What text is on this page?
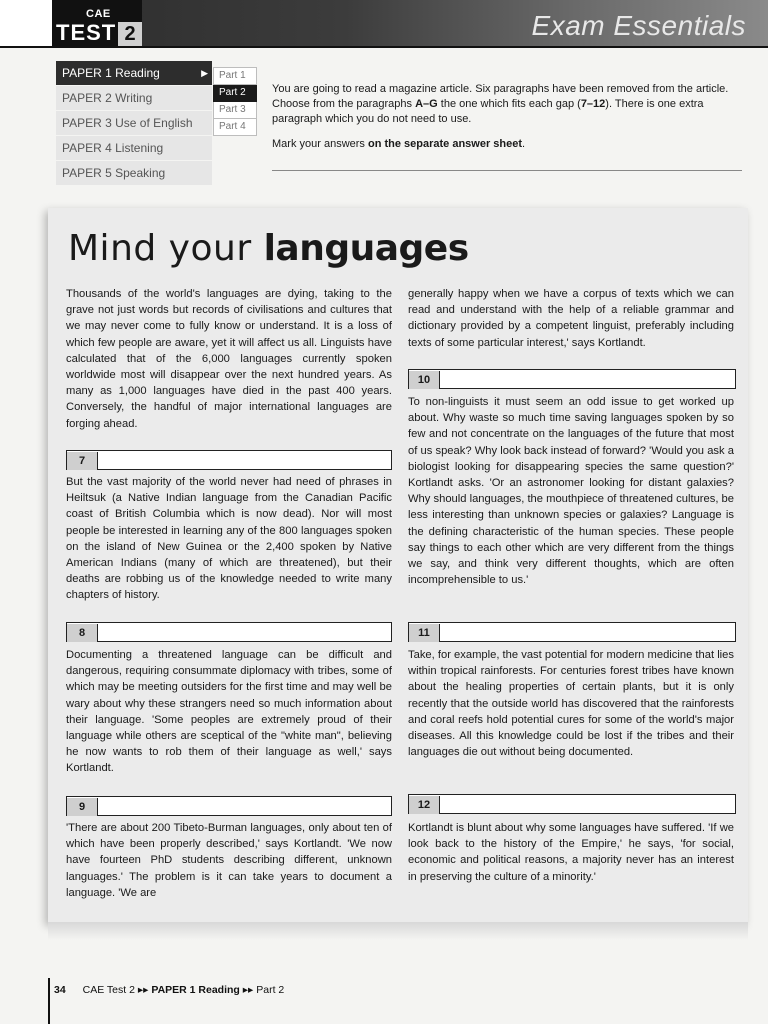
CAE
TEST 2	Exam Essentials
PAPER 1 Reading	▶
PAPER 2 Writing
PAPER 3 Use of English
PAPER 4 Listening
PAPER 5 Speaking
Part 1
Part 2
Part 3
Part 4

You are going to read a magazine article. Six paragraphs have been removed from the article. Choose from the paragraphs A–G the one which fits each gap (7–12). There is one extra paragraph which you do not need to use.

Mark your answers on the separate answer sheet.

Mind your languages

Thousands of the world's languages are dying, taking to the grave not just words but records of civilisations and cultures that we may never come to fully know or understand. It is a loss of which few people are aware, yet it will affect us all. Linguists have calculated that of the 6,000 languages currently spoken worldwide most will disappear over the next hundred years. As many as 1,000 languages have died in the past 400 years. Conversely, the handful of major international languages are forging ahead.

7

But the vast majority of the world never had need of phrases in Heiltsuk (a Native Indian language from the Canadian Pacific coast of British Columbia which is now dead). Nor will most people be interested in learning any of the 800 languages spoken on the island of New Guinea or the 2,400 spoken by Native American Indians (many of which are threatened), but their deaths are robbing us of the knowledge needed to write many chapters of history.

8

Documenting a threatened language can be difficult and dangerous, requiring consummate diplomacy with tribes, some of which may be meeting outsiders for the first time and may well be wary about why these strangers need so much information about their language. 'Some peoples are extremely proud of their language while others are sceptical of the "white man", believing he now wants to rob them of their language as well,' says Kortlandt.

9

'There are about 200 Tibeto-Burman languages, only about ten of which have been properly described,' says Kortlandt. 'We now have fourteen PhD students describing different, unknown languages.' The problem is it can take years to document a language. 'We are

generally happy when we have a corpus of texts which we can read and understand with the help of a reliable grammar and dictionary provided by a competent linguist, preferably including texts of some particular interest,' says Kortlandt.

10

To non-linguists it must seem an odd issue to get worked up about. Why waste so much time saving languages spoken by so few and not concentrate on the languages of the future that most of us speak? Why look back instead of forward? 'Would you ask a biologist looking for disappearing species the same question?' Kortlandt asks. 'Or an astronomer looking for distant galaxies? Why should languages, the mouthpiece of threatened cultures, be less interesting than unknown species or galaxies? Language is the defining characteristic of the human species. These people say things to each other which are very different from the things we say, and think very different thoughts, which are often incomprehensible to us.'

11

Take, for example, the vast potential for modern medicine that lies within tropical rainforests. For centuries forest tribes have known about the healing properties of certain plants, but it is only recently that the outside world has discovered that the rainforests and coral reefs hold potential cures for some of the world's major diseases. All this knowledge could be lost if the tribes and their languages die out without being documented.

12

Kortlandt is blunt about why some languages have suffered. 'If we look back to the history of the Empire,' he says, 'for social, economic and political reasons, a majority never has an interest in preserving the culture of a minority.'

34 CAE Test 2 ▸▸ PAPER 1 Reading ▸▸ Part 2
